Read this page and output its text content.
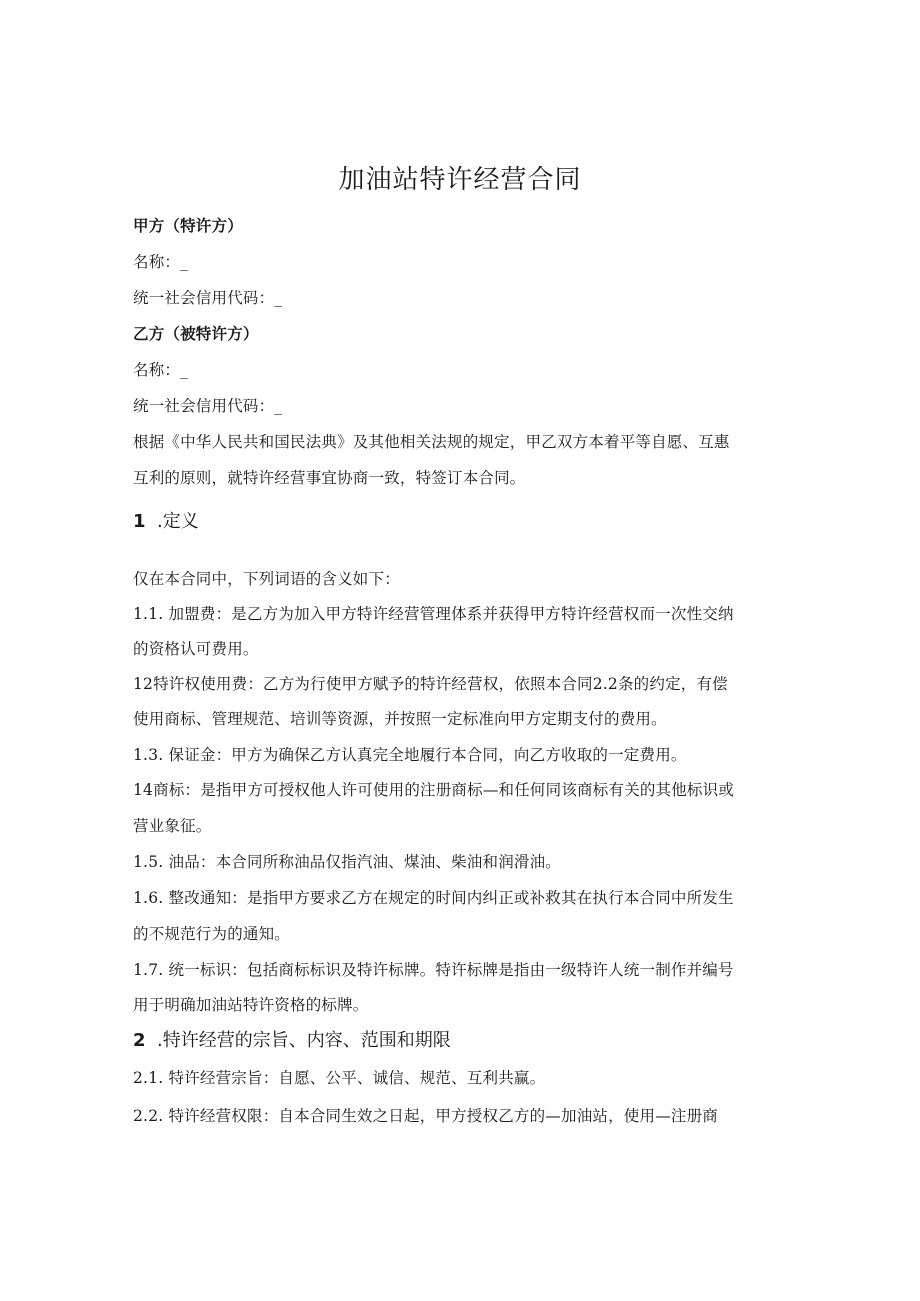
加油站特许经营合同
甲方（特许方）
名称：_
统一社会信用代码：_
乙方（被特许方）
名称：_
统一社会信用代码：_
根据《中华人民共和国民法典》及其他相关法规的规定，甲乙双方本着平等自愿、互惠
互利的原则，就特许经营事宜协商一致，特签订本合同。
1 .定义
仅在本合同中，下列词语的含义如下：
1.1. 加盟费：是乙方为加入甲方特许经营管理体系并获得甲方特许经营权而一次性交纳
的资格认可费用。
12特许权使用费：乙方为行使甲方赋予的特许经营权，依照本合同2.2条的约定，有偿
使用商标、管理规范、培训等资源，并按照一定标准向甲方定期支付的费用。
1.3. 保证金：甲方为确保乙方认真完全地履行本合同，向乙方收取的一定费用。
14商标：是指甲方可授权他人许可使用的注册商标—和任何同该商标有关的其他标识或
营业象征。
1.5. 油品：本合同所称油品仅指汽油、煤油、柴油和润滑油。
1.6. 整改通知：是指甲方要求乙方在规定的时间内纠正或补救其在执行本合同中所发生
的不规范行为的通知。
1.7. 统一标识：包括商标标识及特许标牌。特许标牌是指由一级特许人统一制作并编号
用于明确加油站特许资格的标牌。
2 .特许经营的宗旨、内容、范围和期限
2.1. 特许经营宗旨：自愿、公平、诚信、规范、互利共赢。
2.2. 特许经营权限：自本合同生效之日起，甲方授权乙方的—加油站，使用—注册商
